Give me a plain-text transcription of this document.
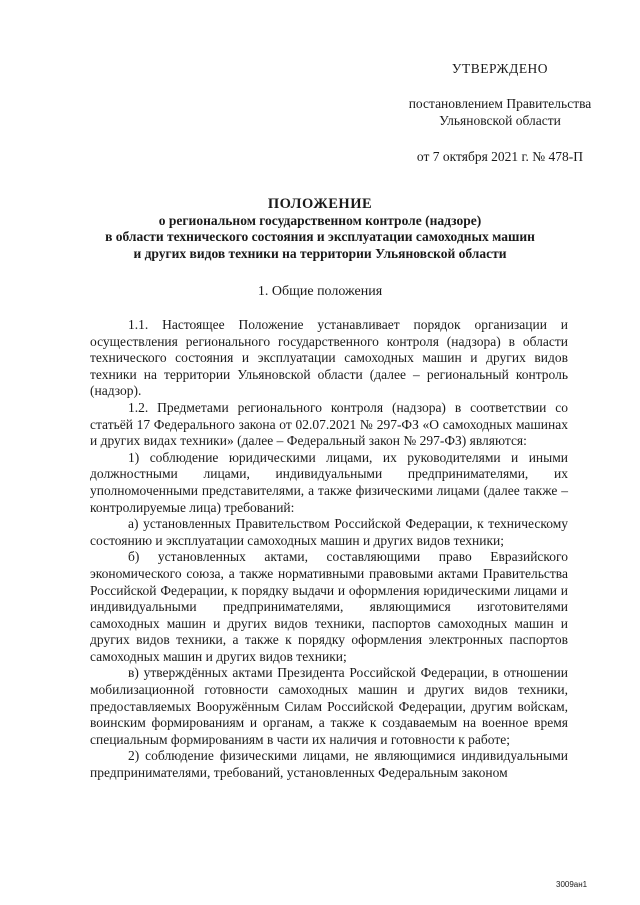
УТВЕРЖДЕНО
постановлением Правительства
Ульяновской области
от 7 октября 2021 г. № 478-П
ПОЛОЖЕНИЕ
о региональном государственном контроле (надзоре)
в области технического состояния и эксплуатации самоходных машин
и других видов техники на территории Ульяновской области
1. Общие положения

1.1. Настоящее Положение устанавливает порядок организации и осуществления регионального государственного контроля (надзора) в области технического состояния и эксплуатации самоходных машин и других видов техники на территории Ульяновской области (далее – региональный контроль (надзор).

1.2. Предметами регионального контроля (надзора) в соответствии со статьёй 17 Федерального закона от 02.07.2021 № 297-ФЗ «О самоходных машинах и других видах техники» (далее – Федеральный закон № 297-ФЗ) являются:

1) соблюдение юридическими лицами, их руководителями и иными должностными лицами, индивидуальными предпринимателями, их уполномоченными представителями, а также физическими лицами (далее также – контролируемые лица) требований:

а) установленных Правительством Российской Федерации, к техническому состоянию и эксплуатации самоходных машин и других видов техники;

б) установленных актами, составляющими право Евразийского экономического союза, а также нормативными правовыми актами Правительства Российской Федерации, к порядку выдачи и оформления юридическими лицами и индивидуальными предпринимателями, являющимися изготовителями самоходных машин и других видов техники, паспортов самоходных машин и других видов техники, а также к порядку оформления электронных паспортов самоходных машин и других видов техники;

в) утверждённых актами Президента Российской Федерации, в отношении мобилизационной готовности самоходных машин и других видов техники, предоставляемых Вооружённым Силам Российской Федерации, другим войскам, воинским формированиям и органам, а также к создаваемым на военное время специальным формированиям в части их наличия и готовности к работе;

2) соблюдение физическими лицами, не являющимися индивидуальными предпринимателями, требований, установленных Федеральным законом

3009ан1
